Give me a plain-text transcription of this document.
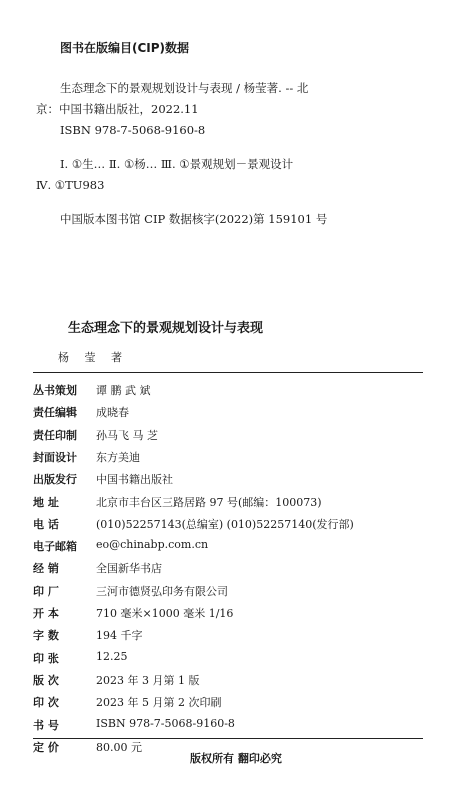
图书在版编目(CIP)数据
生态理念下的景观规划设计与表现 / 杨莹著. -- 北
京：中国书籍出版社，2022.11
ISBN 978-7-5068-9160-8
Ⅰ. ①生… Ⅱ. ①杨… Ⅲ. ①景观规划－景观设计
Ⅳ. ①TU983
中国版本图书馆 CIP 数据核字(2022)第 159101 号
生态理念下的景观规划设计与表现
杨 莹 著
丛书策划	谭 鹏 武 斌
责任编辑	成晓春
责任印制	孙马飞 马 芝
封面设计	东方美迪
出版发行	中国书籍出版社
地 址	北京市丰台区三路居路 97 号(邮编：100073)
电 话	(010)52257143(总编室) (010)52257140(发行部)
电子邮箱	eo@chinabp.com.cn
经 销	全国新华书店
印 厂	三河市德贤弘印务有限公司
开 本	710 毫米×1000 毫米 1/16
字 数	194 千字
印 张	12.25
版 次	2023 年 3 月第 1 版
印 次	2023 年 5 月第 2 次印刷
书 号	ISBN 978-7-5068-9160-8
定 价	80.00 元
版权所有 翻印必究
